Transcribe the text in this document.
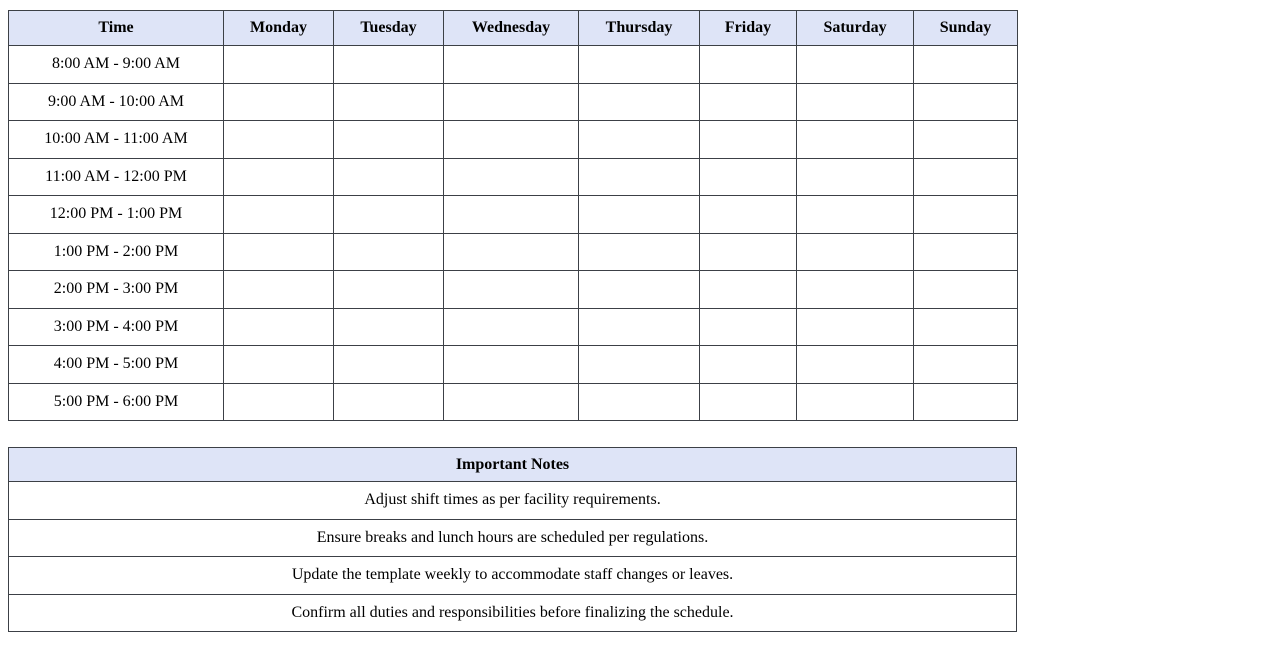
Time	Monday	Tuesday	Wednesday	Thursday	Friday	Saturday	Sunday
8:00 AM - 9:00 AM							
9:00 AM - 10:00 AM							
10:00 AM - 11:00 AM							
11:00 AM - 12:00 PM							
12:00 PM - 1:00 PM							
1:00 PM - 2:00 PM							
2:00 PM - 3:00 PM							
3:00 PM - 4:00 PM							
4:00 PM - 5:00 PM							
5:00 PM - 6:00 PM							
Important Notes
Adjust shift times as per facility requirements.
Ensure breaks and lunch hours are scheduled per regulations.
Update the template weekly to accommodate staff changes or leaves.
Confirm all duties and responsibilities before finalizing the schedule.
